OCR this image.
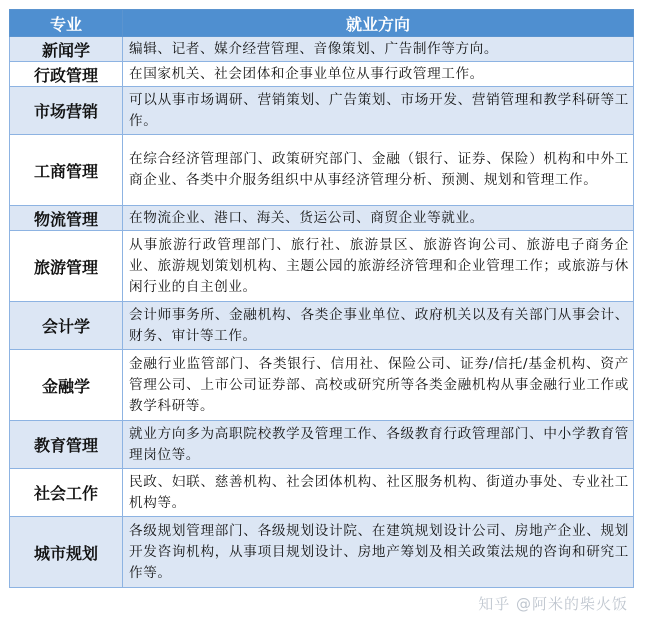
专业	就业方向
新闻学	编辑、记者、媒介经营管理、音像策划、广告制作等方向。
行政管理	在国家机关、社会团体和企事业单位从事行政管理工作。
市场营销	可以从事市场调研、营销策划、广告策划、市场开发、营销管理和教学科研等工作。
工商管理	在综合经济管理部门、政策研究部门、金融（银行、证券、保险）机构和中外工商企业、各类中介服务组织中从事经济管理分析、预测、规划和管理工作。
物流管理	在物流企业、港口、海关、货运公司、商贸企业等就业。
旅游管理	从事旅游行政管理部门、旅行社、旅游景区、旅游咨询公司、旅游电子商务企业、旅游规划策划机构、主题公园的旅游经济管理和企业管理工作；或旅游与休闲行业的自主创业。
会计学	会计师事务所、金融机构、各类企事业单位、政府机关以及有关部门从事会计、财务、审计等工作。
金融学	金融行业监管部门、各类银行、信用社、保险公司、证券/信托/基金机构、资产管理公司、上市公司证券部、高校或研究所等各类金融机构从事金融行业工作或教学科研等。
教育管理	就业方向多为高职院校教学及管理工作、各级教育行政管理部门、中小学教育管理岗位等。
社会工作	民政、妇联、慈善机构、社会团体机构、社区服务机构、街道办事处、专业社工机构等。
城市规划	各级规划管理部门、各级规划设计院、在建筑规划设计公司、房地产企业、规划开发咨询机构，从事项目规划设计、房地产筹划及相关政策法规的咨询和研究工作等。
知乎 @阿米的柴火饭
